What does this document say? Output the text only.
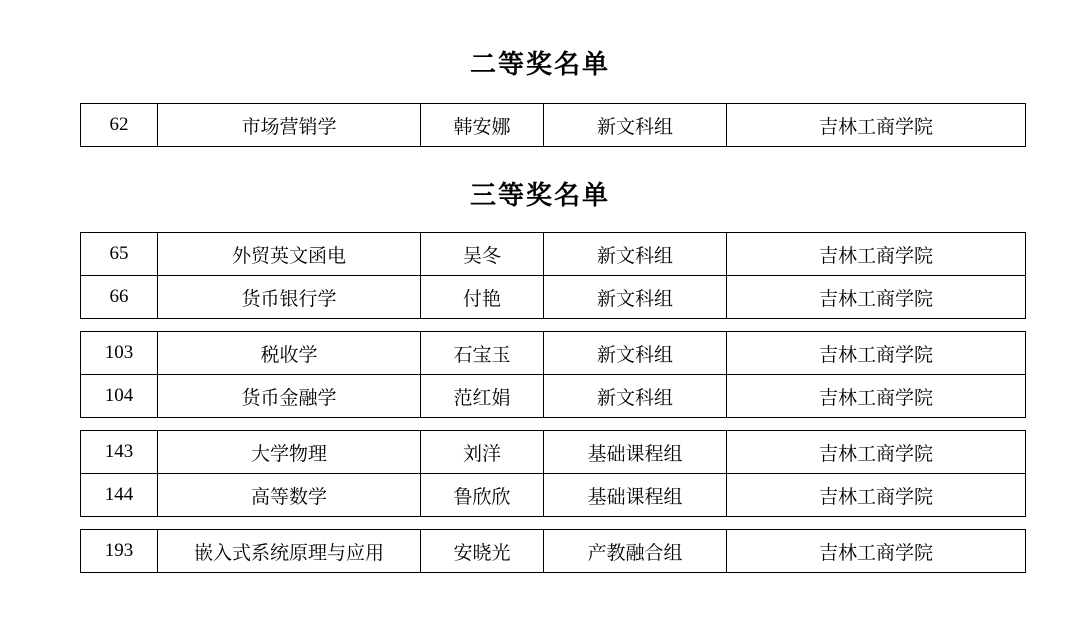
二等奖名单
62	市场营销学	韩安娜	新文科组	吉林工商学院
三等奖名单
65	外贸英文函电	吴冬	新文科组	吉林工商学院
66	货币银行学	付艳	新文科组	吉林工商学院

103	税收学	石宝玉	新文科组	吉林工商学院
104	货币金融学	范红娟	新文科组	吉林工商学院

143	大学物理	刘洋	基础课程组	吉林工商学院
144	高等数学	鲁欣欣	基础课程组	吉林工商学院

193	嵌入式系统原理与应用	安晓光	产教融合组	吉林工商学院
